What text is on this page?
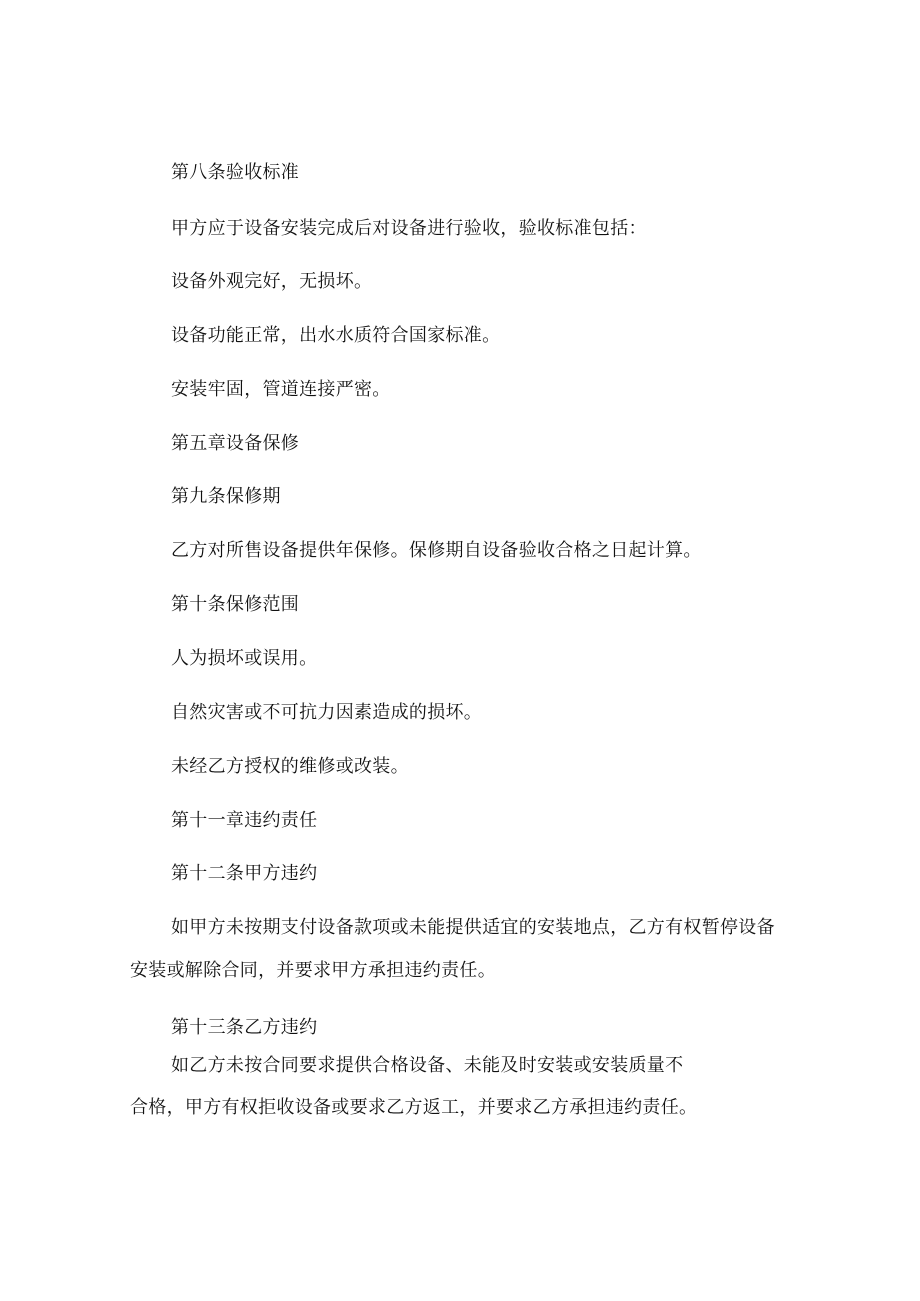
第八条验收标准

甲方应于设备安装完成后对设备进行验收，验收标准包括：

设备外观完好，无损坏。

设备功能正常，出水水质符合国家标准。

安装牢固，管道连接严密。

第五章设备保修

第九条保修期

乙方对所售设备提供年保修。保修期自设备验收合格之日起计算。

第十条保修范围

人为损坏或误用。

自然灾害或不可抗力因素造成的损坏。

未经乙方授权的维修或改装。

第十一章违约责任

第十二条甲方违约

如甲方未按期支付设备款项或未能提供适宜的安装地点，乙方有权暂停设备

安装或解除合同，并要求甲方承担违约责任。

第十三条乙方违约

如乙方未按合同要求提供合格设备、未能及时安装或安装质量不

合格，甲方有权拒收设备或要求乙方返工，并要求乙方承担违约责任。
